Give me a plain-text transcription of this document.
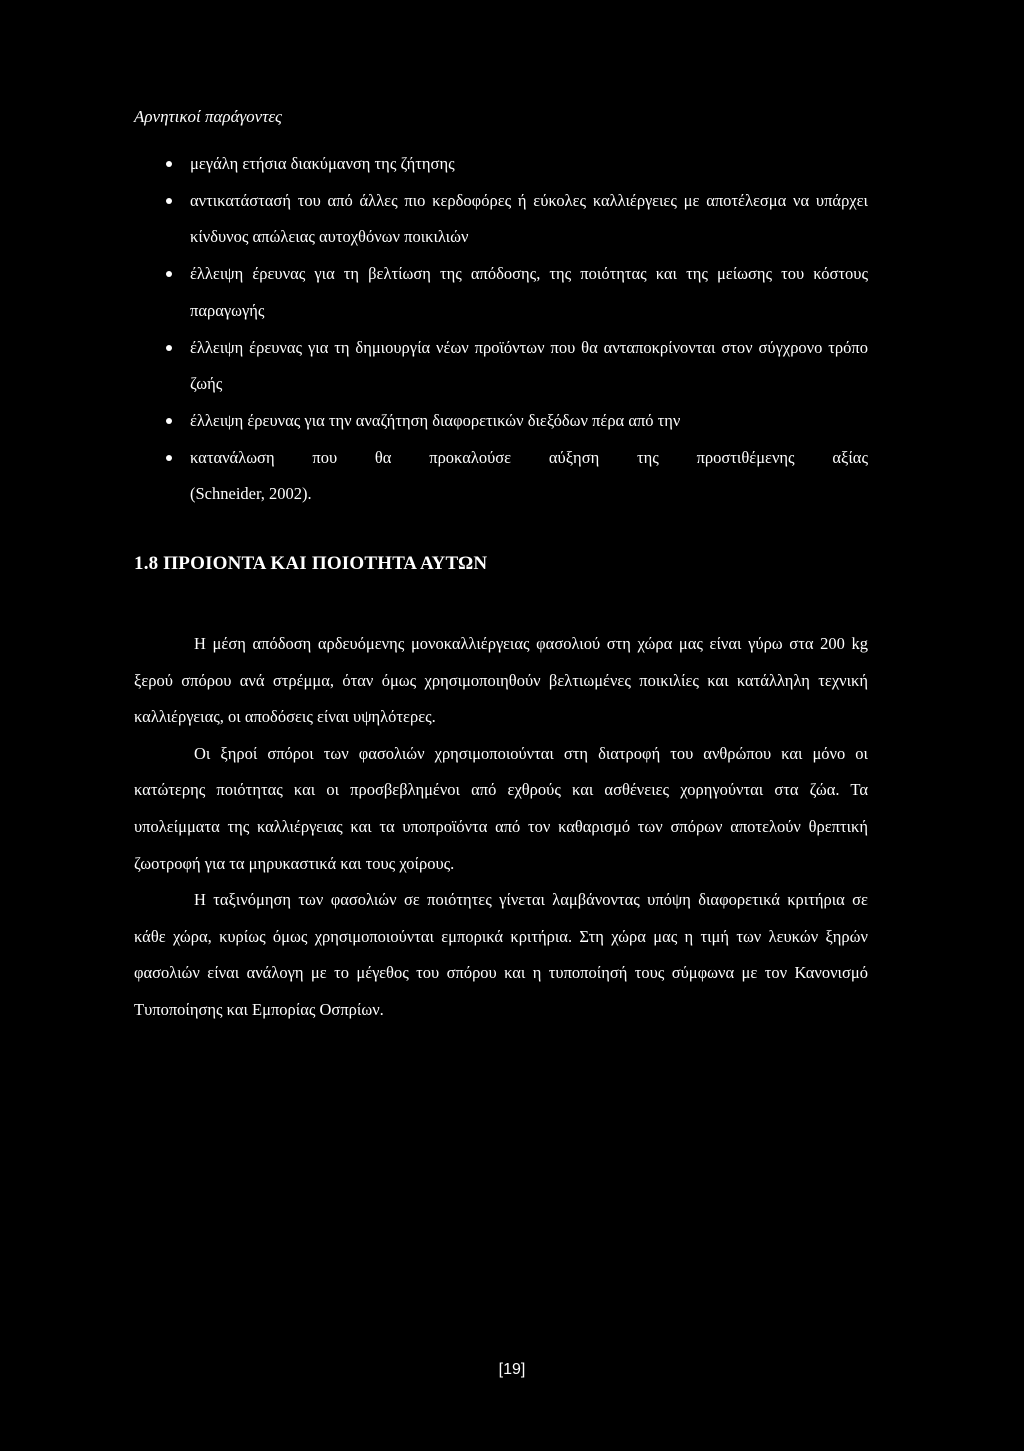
Αρνητικοί παράγοντες
μεγάλη ετήσια διακύμανση της ζήτησης
αντικατάστασή του από άλλες πιο κερδοφόρες ή εύκολες καλλιέργειες με αποτέλεσμα να υπάρχει κίνδυνος απώλειας αυτοχθόνων ποικιλιών
έλλειψη έρευνας για τη βελτίωση της απόδοσης, της ποιότητας και της μείωσης του κόστους παραγωγής
έλλειψη έρευνας για τη δημιουργία νέων προϊόντων που θα ανταποκρίνονται στον σύγχρονο τρόπο ζωής
έλλειψη έρευνας για την αναζήτηση διαφορετικών διεξόδων πέρα από την
κατανάλωση που θα προκαλούσε αύξηση της προστιθέμενης αξίας
(Schneider, 2002).
1.8 ΠΡΟΙΟΝΤΑ ΚΑΙ ΠΟΙΟΤΗΤΑ ΑΥΤΩΝ

Η μέση απόδοση αρδευόμενης μονοκαλλιέργειας φασολιού στη χώρα μας είναι γύρω στα 200 kg ξερού σπόρου ανά στρέμμα, όταν όμως χρησιμοποιηθούν βελτιωμένες ποικιλίες και κατάλληλη τεχνική καλλιέργειας, οι αποδόσεις είναι υψηλότερες.

Οι ξηροί σπόροι των φασολιών χρησιμοποιούνται στη διατροφή του ανθρώπου και μόνο οι κατώτερης ποιότητας και οι προσβεβλημένοι από εχθρούς και ασθένειες χορηγούνται στα ζώα. Τα υπολείμματα της καλλιέργειας και τα υποπροϊόντα από τον καθαρισμό των σπόρων αποτελούν θρεπτική ζωοτροφή για τα μηρυκαστικά και τους χοίρους.

Η ταξινόμηση των φασολιών σε ποιότητες γίνεται λαμβάνοντας υπόψη διαφορετικά κριτήρια σε κάθε χώρα, κυρίως όμως χρησιμοποιούνται εμπορικά κριτήρια. Στη χώρα μας η τιμή των λευκών ξηρών φασολιών είναι ανάλογη με το μέγεθος του σπόρου και η τυποποίησή τους σύμφωνα με τον Κανονισμό Τυποποίησης και Εμπορίας Οσπρίων.

[19]
